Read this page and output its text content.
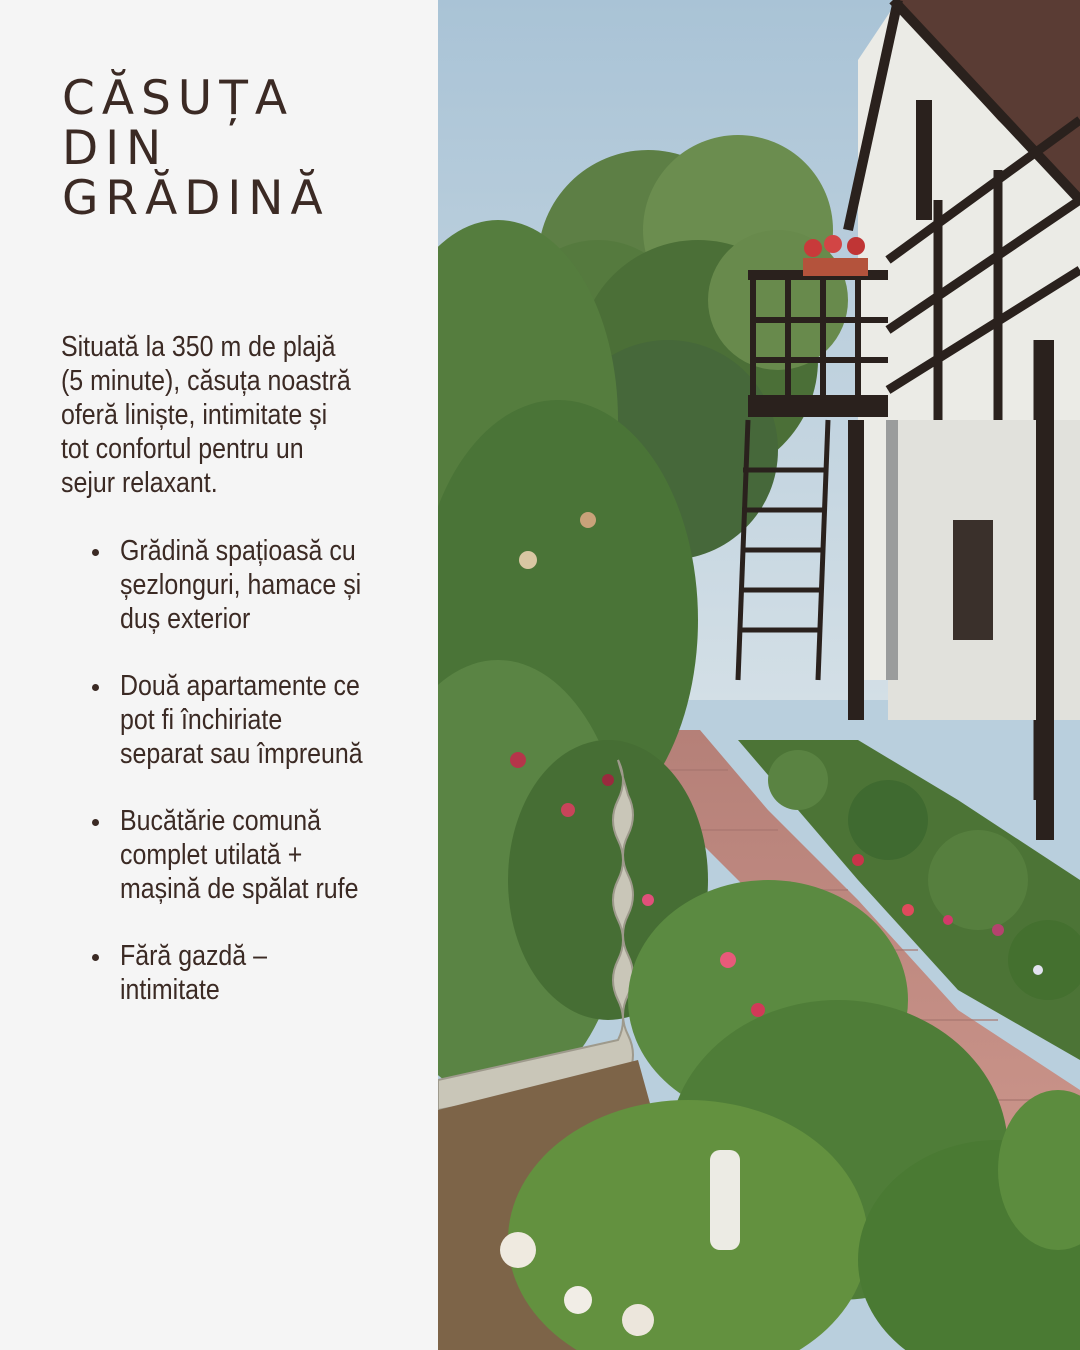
CĂSUȚA
DIN
GRĂDINĂ

Situată la 350 m de plajă (5 minute), căsuța noastră oferă liniște, intimitate și tot confortul pentru un sejur relaxant.

Grădină spațioasă cu șezlonguri, hamace și duș exterior
Două apartamente ce pot fi închiriate separat sau împreună
Bucătărie comună complet utilată + mașină de spălat rufe
Fără gazdă – intimitate
